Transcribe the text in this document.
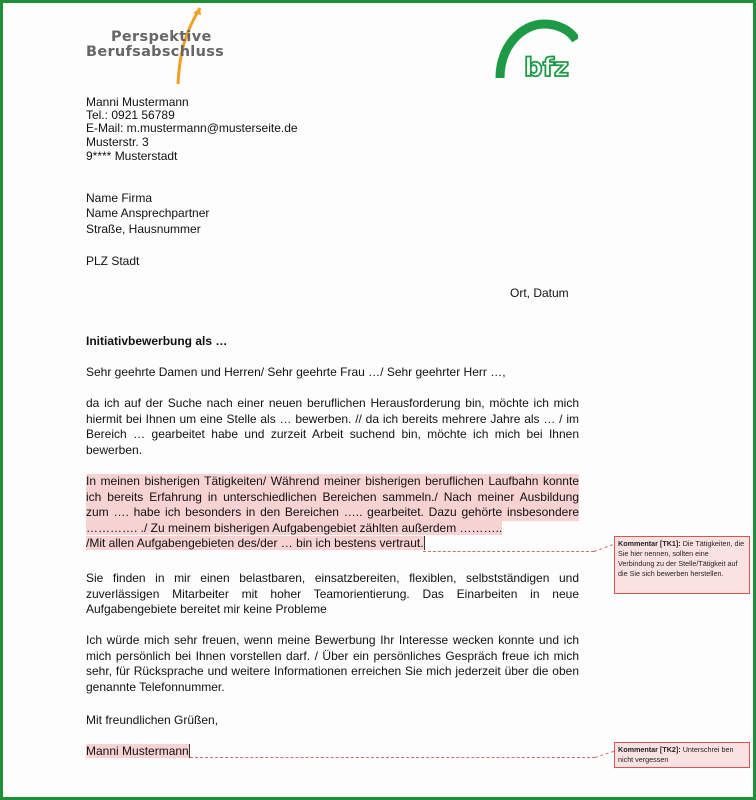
Perspektive
Berufsabschluss
bfz
Manni Mustermann
Tel.: 0921 56789
E-Mail: m.mustermann@musterseite.de
Musterstr. 3
9**** Musterstadt
Name Firma
Name Ansprechpartner
Straße, Hausnummer
PLZ Stadt
Ort, Datum
Initiativbewerbung als …
Sehr geehrte Damen und Herren/ Sehr geehrte Frau …/ Sehr geehrter Herr …,
da ich auf der Suche nach einer neuen beruflichen Herausforderung bin, möchte ich mich hiermit bei Ihnen um eine Stelle als … bewerben. // da ich bereits mehrere Jahre als … / im Bereich … gearbeitet habe und zurzeit Arbeit suchend bin, möchte ich mich bei Ihnen bewerben.
In meinen bisherigen Tätigkeiten/ Während meiner bisherigen beruflichen Laufbahn konnte
ich bereits Erfahrung in unterschiedlichen Bereichen sammeln./ Nach meiner Ausbildung
zum …. habe ich besonders in den Bereichen ….. gearbeitet. Dazu gehörte insbesondere
…………. ./ Zu meinem bisherigen Aufgabengebiet zählten außerdem ………..
/Mit allen Aufgabengebieten des/der … bin ich bestens vertraut.
Sie finden in mir einen belastbaren, einsatzbereiten, flexiblen, selbstständigen und zuverlässigen Mitarbeiter mit hoher Teamorientierung. Das Einarbeiten in neue Aufgabengebiete bereitet mir keine Probleme
Ich würde mich sehr freuen, wenn meine Bewerbung Ihr Interesse wecken konnte und ich mich persönlich bei Ihnen vorstellen darf. / Über ein persönliches Gespräch freue ich mich sehr, für Rücksprache und weitere Informationen erreichen Sie mich jederzeit über die oben genannte Telefonnummer.
Mit freundlichen Grüßen,
Manni Mustermann
Kommentar [TK1]: Die Tätigkeiten, die Sie hier nennen, sollten eine Verbindung zu der Stelle/Tätigkeit auf die Sie sich bewerben herstellen.
Kommentar [TK2]: Unterschrei ben nicht vergessen
